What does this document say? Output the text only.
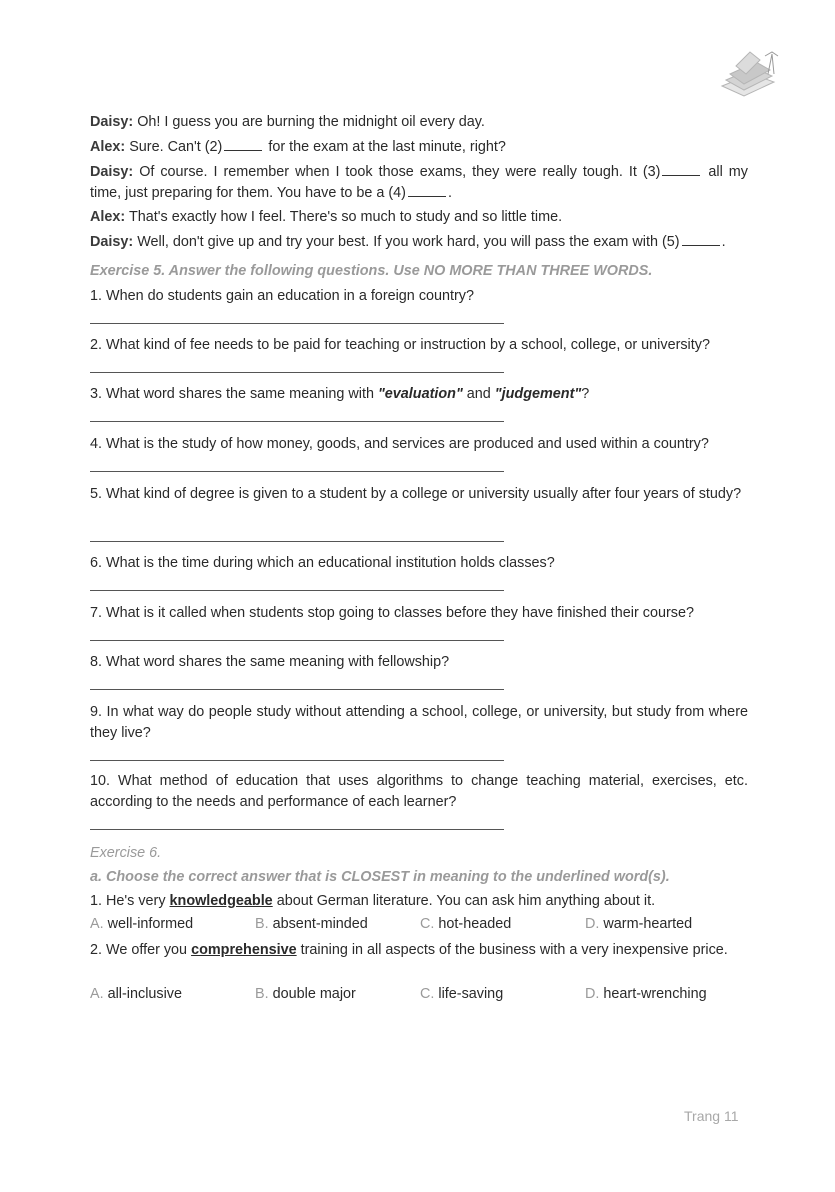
Daisy: Oh! I guess you are burning the midnight oil every day.
Alex: Sure. Can't (2)	for the exam at the last minute, right?
Daisy: Of course. I remember when I took those exams, they were really tough. It (3)	all my time, just preparing for them. You have to be a (4)	.
Alex: That's exactly how I feel. There's so much to study and so little time.
Daisy: Well, don't give up and try your best. If you work hard, you will pass the exam with (5)	.
Exercise 5. Answer the following questions. Use NO MORE THAN THREE WORDS.
1. When do students gain an education in a foreign country?
2. What kind of fee needs to be paid for teaching or instruction by a school, college, or university?
3. What word shares the same meaning with "evaluation" and "judgement"?
4. What is the study of how money, goods, and services are produced and used within a country?
5. What kind of degree is given to a student by a college or university usually after four years of study?
6. What is the time during which an educational institution holds classes?
7. What is it called when students stop going to classes before they have finished their course?
8. What word shares the same meaning with fellowship?
9. In what way do people study without attending a school, college, or university, but study from where they live?
10. What method of education that uses algorithms to change teaching material, exercises, etc. according to the needs and performance of each learner?
Exercise 6.
a. Choose the correct answer that is CLOSEST in meaning to the underlined word(s).
1. He's very knowledgeable about German literature. You can ask him anything about it.
A. well-informed	B. absent-minded	C. hot-headed	D. warm-hearted
2. We offer you comprehensive training in all aspects of the business with a very inexpensive price.
A. all-inclusive	B. double major	C. life-saving	D. heart-wrenching
Trang 11
